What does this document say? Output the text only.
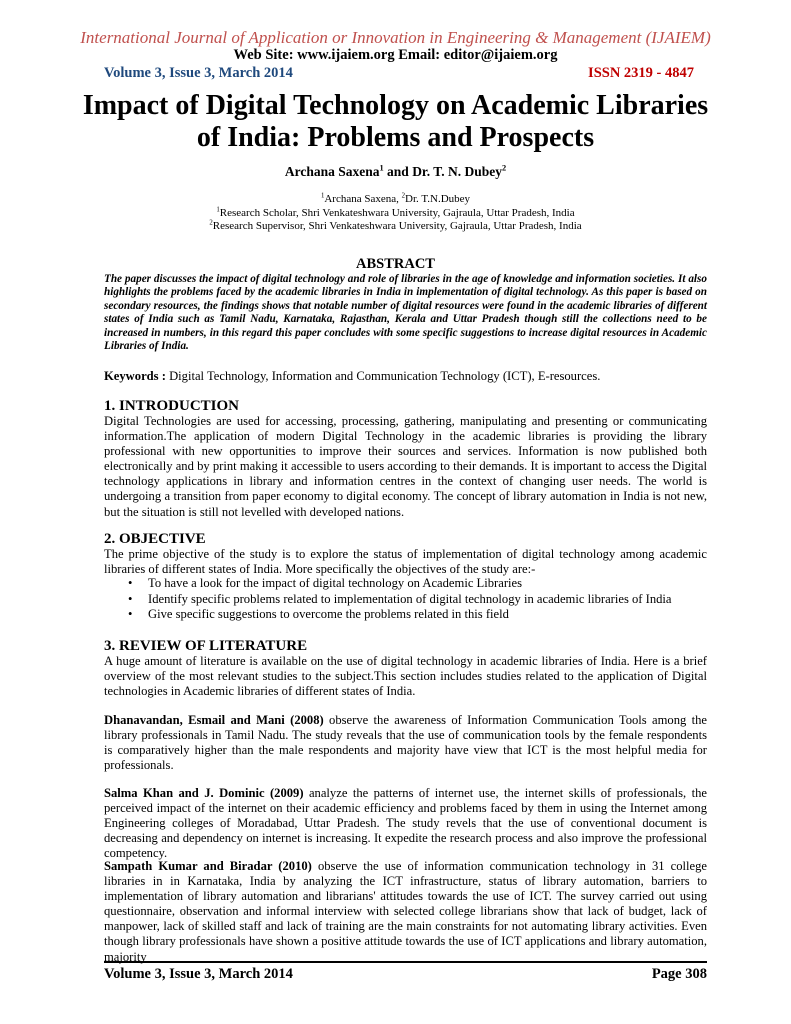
International Journal of Application or Innovation in Engineering & Management (IJAIEM)
Web Site: www.ijaiem.org Email: editor@ijaiem.org
Volume 3, Issue 3, March 2014	ISSN 2319 - 4847
Impact of Digital Technology on Academic Libraries of India: Problems and Prospects
Archana Saxena$^1$ and Dr. T. N. Dubey$^2$
$^1$Archana Saxena, $^2$Dr. T.N.Dubey
$^1$Research Scholar, Shri Venkateshwara University, Gajraula, Uttar Pradesh, India
$^2$Research Supervisor, Shri Venkateshwara University, Gajraula, Uttar Pradesh, India
ABSTRACT

The paper discusses the impact of digital technology and role of libraries in the age of knowledge and information societies. It also highlights the problems faced by the academic libraries in India in implementation of digital technology. As this paper is based on secondary resources, the findings shows that notable number of digital resources were found in the academic libraries of different states of India such as Tamil Nadu, Karnataka, Rajasthan, Kerala and Uttar Pradesh though still the collections need to be increased in numbers, in this regard this paper concludes with some specific suggestions to increase digital resources in Academic Libraries of India.

Keywords : Digital Technology, Information and Communication Technology (ICT), E-resources.
1. INTRODUCTION

Digital Technologies are used for accessing, processing, gathering, manipulating and presenting or communicating information.The application of modern Digital Technology in the academic libraries is providing the library professional with new opportunities to improve their sources and services. Information is now published both electronically and by print making it accessible to users according to their demands. It is important to access the Digital technology applications in library and information centres in the context of changing user needs. The world is undergoing a transition from paper economy to digital economy. The concept of library automation in India is not new, but the situation is still not levelled with developed nations.

2. OBJECTIVE

The prime objective of the study is to explore the status of implementation of digital technology among academic libraries of different states of India. More specifically the objectives of the study are:-

• To have a look for the impact of digital technology on Academic Libraries
• Identify specific problems related to implementation of digital technology in academic libraries of India
• Give specific suggestions to overcome the problems related in this field
3. REVIEW OF LITERATURE

A huge amount of literature is available on the use of digital technology in academic libraries of India. Here is a brief overview of the most relevant studies to the subject.This section includes studies related to the application of Digital technologies in Academic libraries of different states of India.

Dhanavandan, Esmail and Mani (2008) observe the awareness of Information Communication Tools among the library professionals in Tamil Nadu. The study reveals that the use of communication tools by the female respondents is comparatively higher than the male respondents and majority have view that ICT is the most helpful media for professionals.

Salma Khan and J. Dominic (2009) analyze the patterns of internet use, the internet skills of professionals, the perceived impact of the internet on their academic efficiency and problems faced by them in using the Internet among Engineering colleges of Moradabad, Uttar Pradesh. The study revels that the use of conventional document is decreasing and dependency on internet is increasing. It expedite the research process and also improve the professional competency.

Sampath Kumar and Biradar (2010) observe the use of information communication technology in 31 college libraries in in Karnataka, India by analyzing the ICT infrastructure, status of library automation, barriers to implementation of library automation and librarians' attitudes towards the use of ICT. The survey carried out using questionnaire, observation and informal interview with selected college librarians show that lack of budget, lack of manpower, lack of skilled staff and lack of training are the main constraints for not automating library activities. Even though library professionals have shown a positive attitude towards the use of ICT applications and library automation, majority

Volume 3, Issue 3, March 2014	Page 308
